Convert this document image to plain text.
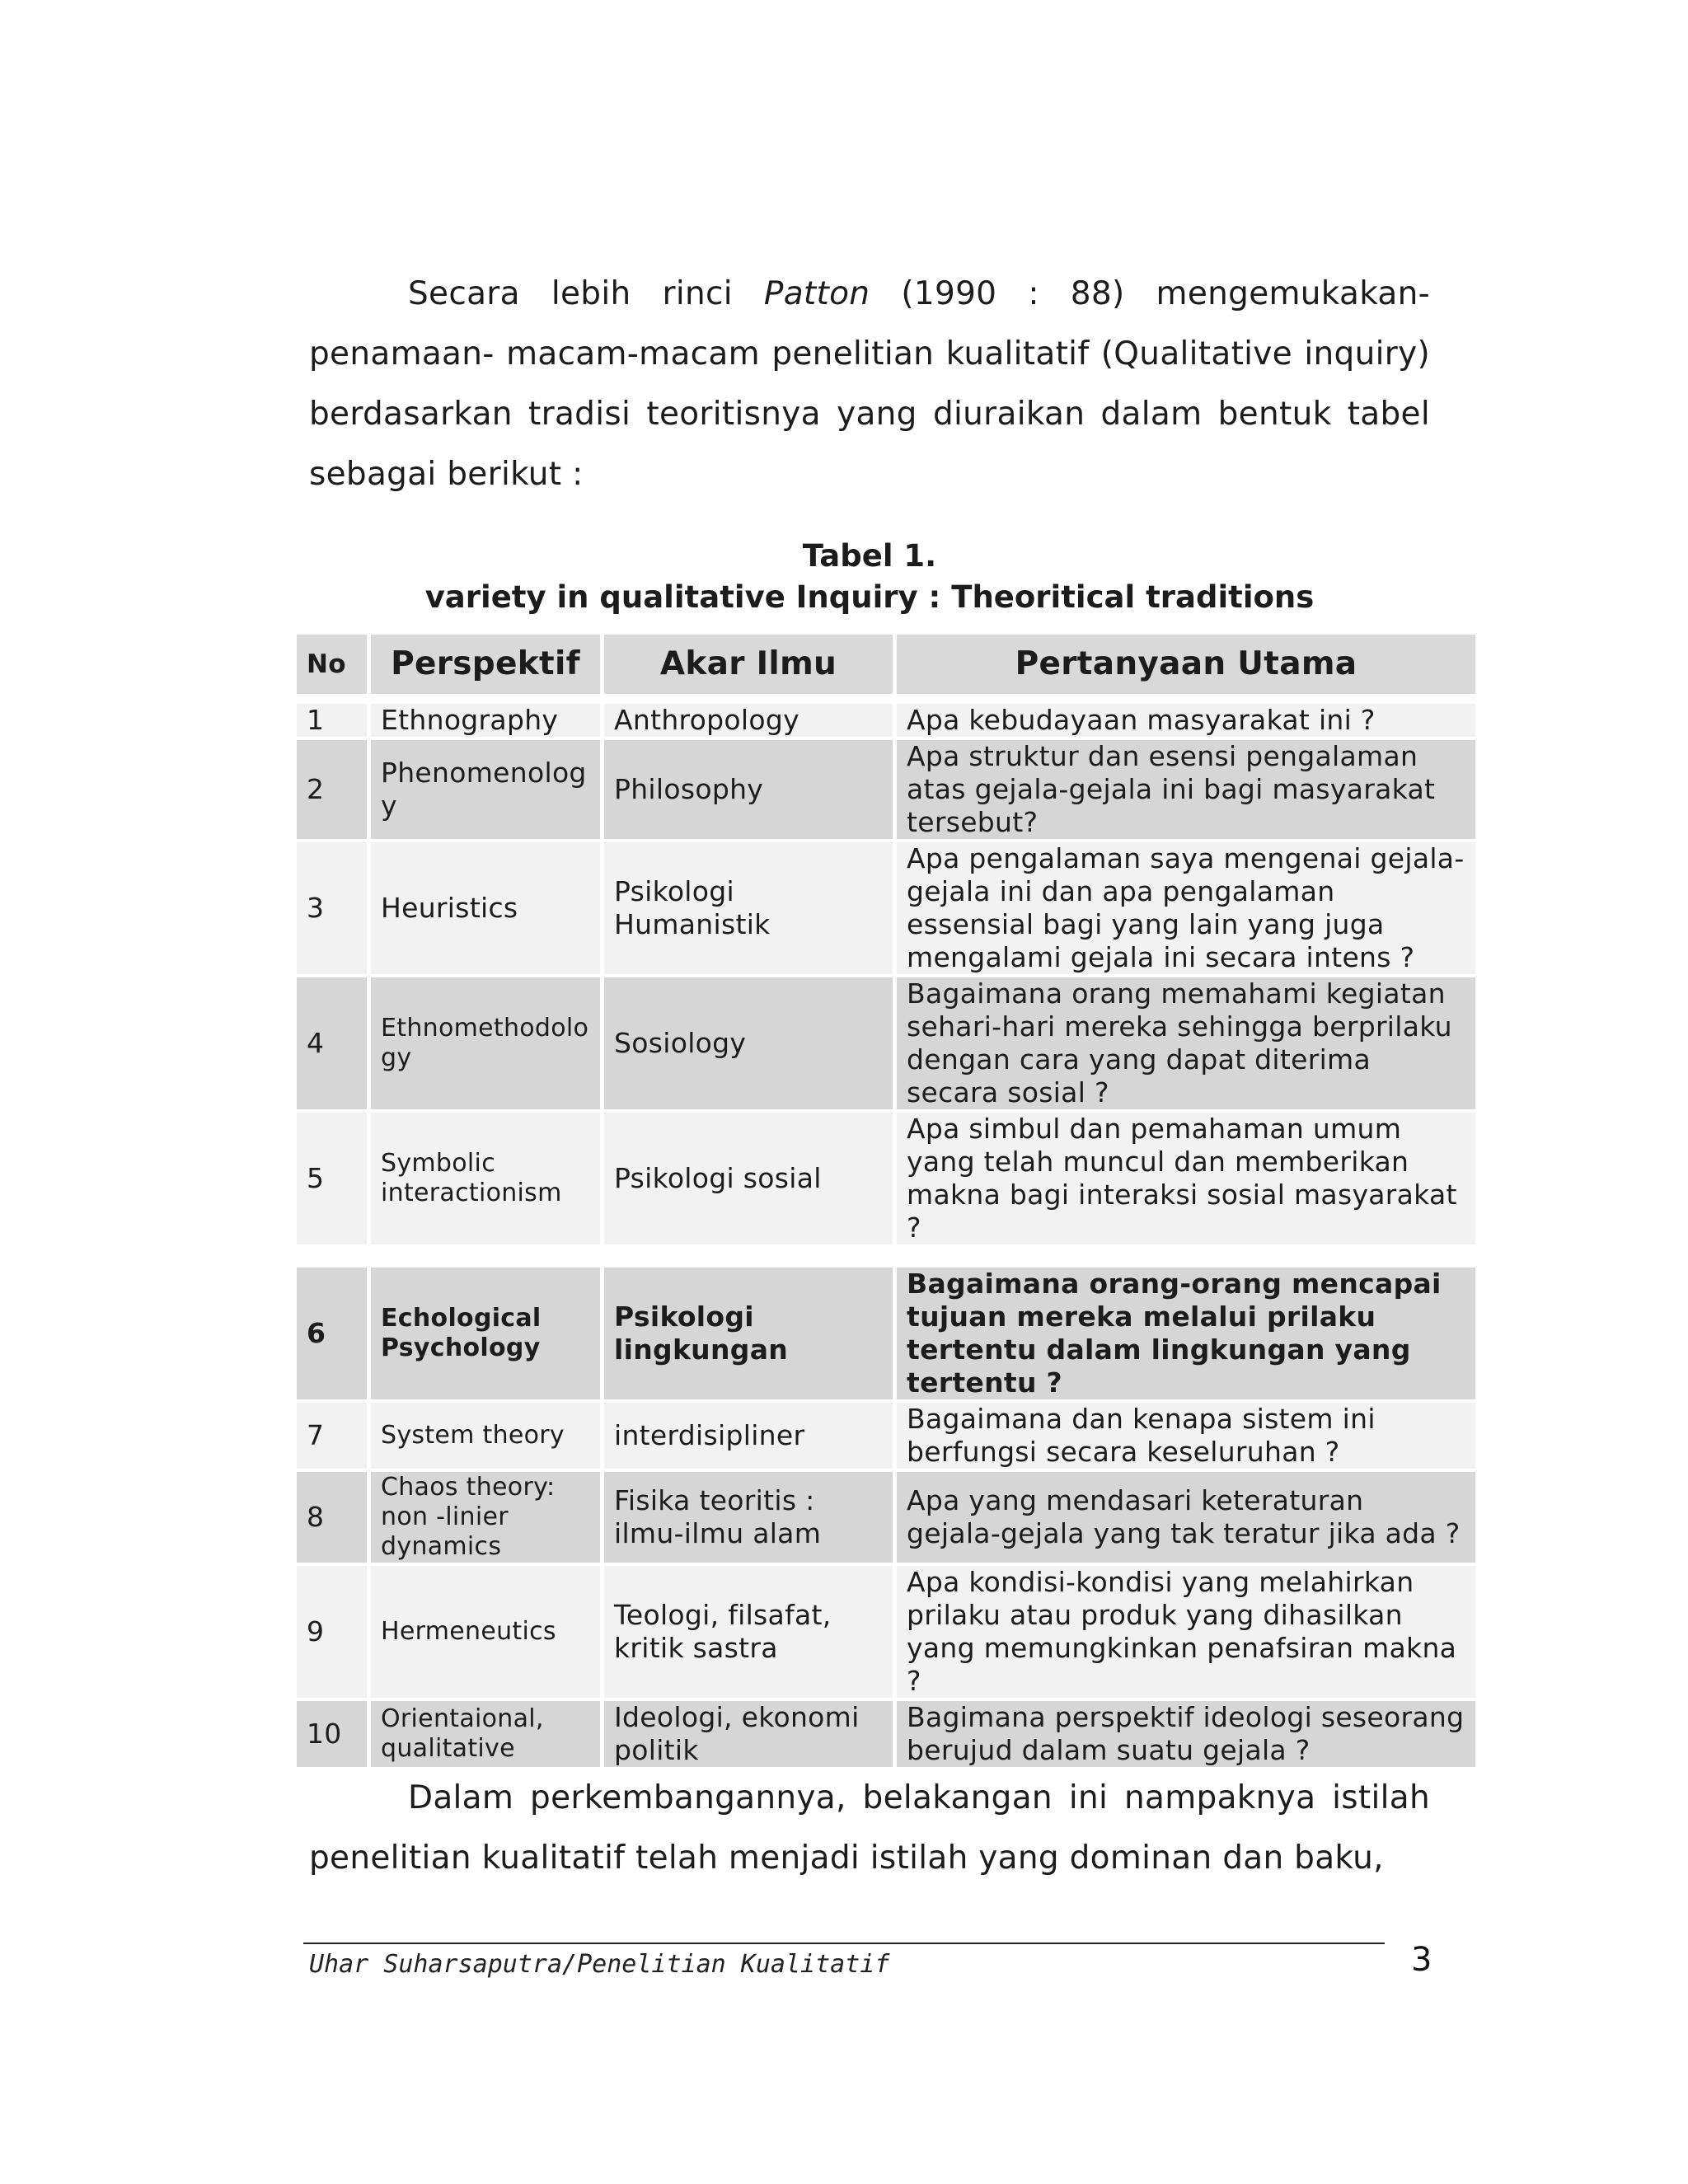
Secara lebih rinci Patton (1990 : 88) mengemukakan-penamaan- macam-macam penelitian kualitatif (Qualitative inquiry) berdasarkan tradisi teoritisnya yang diuraikan dalam bentuk tabel sebagai berikut :

Tabel 1.
variety in qualitative Inquiry : Theoritical traditions
No	Perspektif	Akar Ilmu	Pertanyaan Utama

1	Ethnography	Anthropology	Apa kebudayaan masyarakat ini ?
2	Phenomenolog y	Philosophy	Apa struktur dan esensi pengalaman atas gejala-gejala ini bagi masyarakat tersebut?
3	Heuristics	Psikologi Humanistik	Apa pengalaman saya mengenai gejala-gejala ini dan apa pengalaman essensial bagi yang lain yang juga mengalami gejala ini secara intens ?
4	Ethnomethodolo gy	Sosiology	Bagaimana orang memahami kegiatan sehari-hari mereka sehingga berprilaku dengan cara yang dapat diterima secara sosial ?
5	Symbolic interactionism	Psikologi sosial	Apa simbul dan pemahaman umum yang telah muncul dan memberikan makna bagi interaksi sosial masyarakat ?
6	Echological Psychology	Psikologi lingkungan	Bagaimana orang-orang mencapai tujuan mereka melalui prilaku tertentu dalam lingkungan yang tertentu ?
7	System theory	interdisipliner	Bagaimana dan kenapa sistem ini berfungsi secara keseluruhan ?
8	Chaos theory: non -linier dynamics	Fisika teoritis : ilmu-ilmu alam	Apa yang mendasari keteraturan gejala-gejala yang tak teratur jika ada ?
9	Hermeneutics	Teologi, filsafat, kritik sastra	Apa kondisi-kondisi yang melahirkan prilaku atau produk yang dihasilkan yang memungkinkan penafsiran makna ?
10	Orientaional, qualitative	Ideologi, ekonomi politik	Bagimana perspektif ideologi seseorang berujud dalam suatu gejala ?

Dalam perkembangannya, belakangan ini nampaknya istilah penelitian kualitatif telah menjadi istilah yang dominan dan baku,

Uhar Suharsaputra/Penelitian Kualitatif	3
